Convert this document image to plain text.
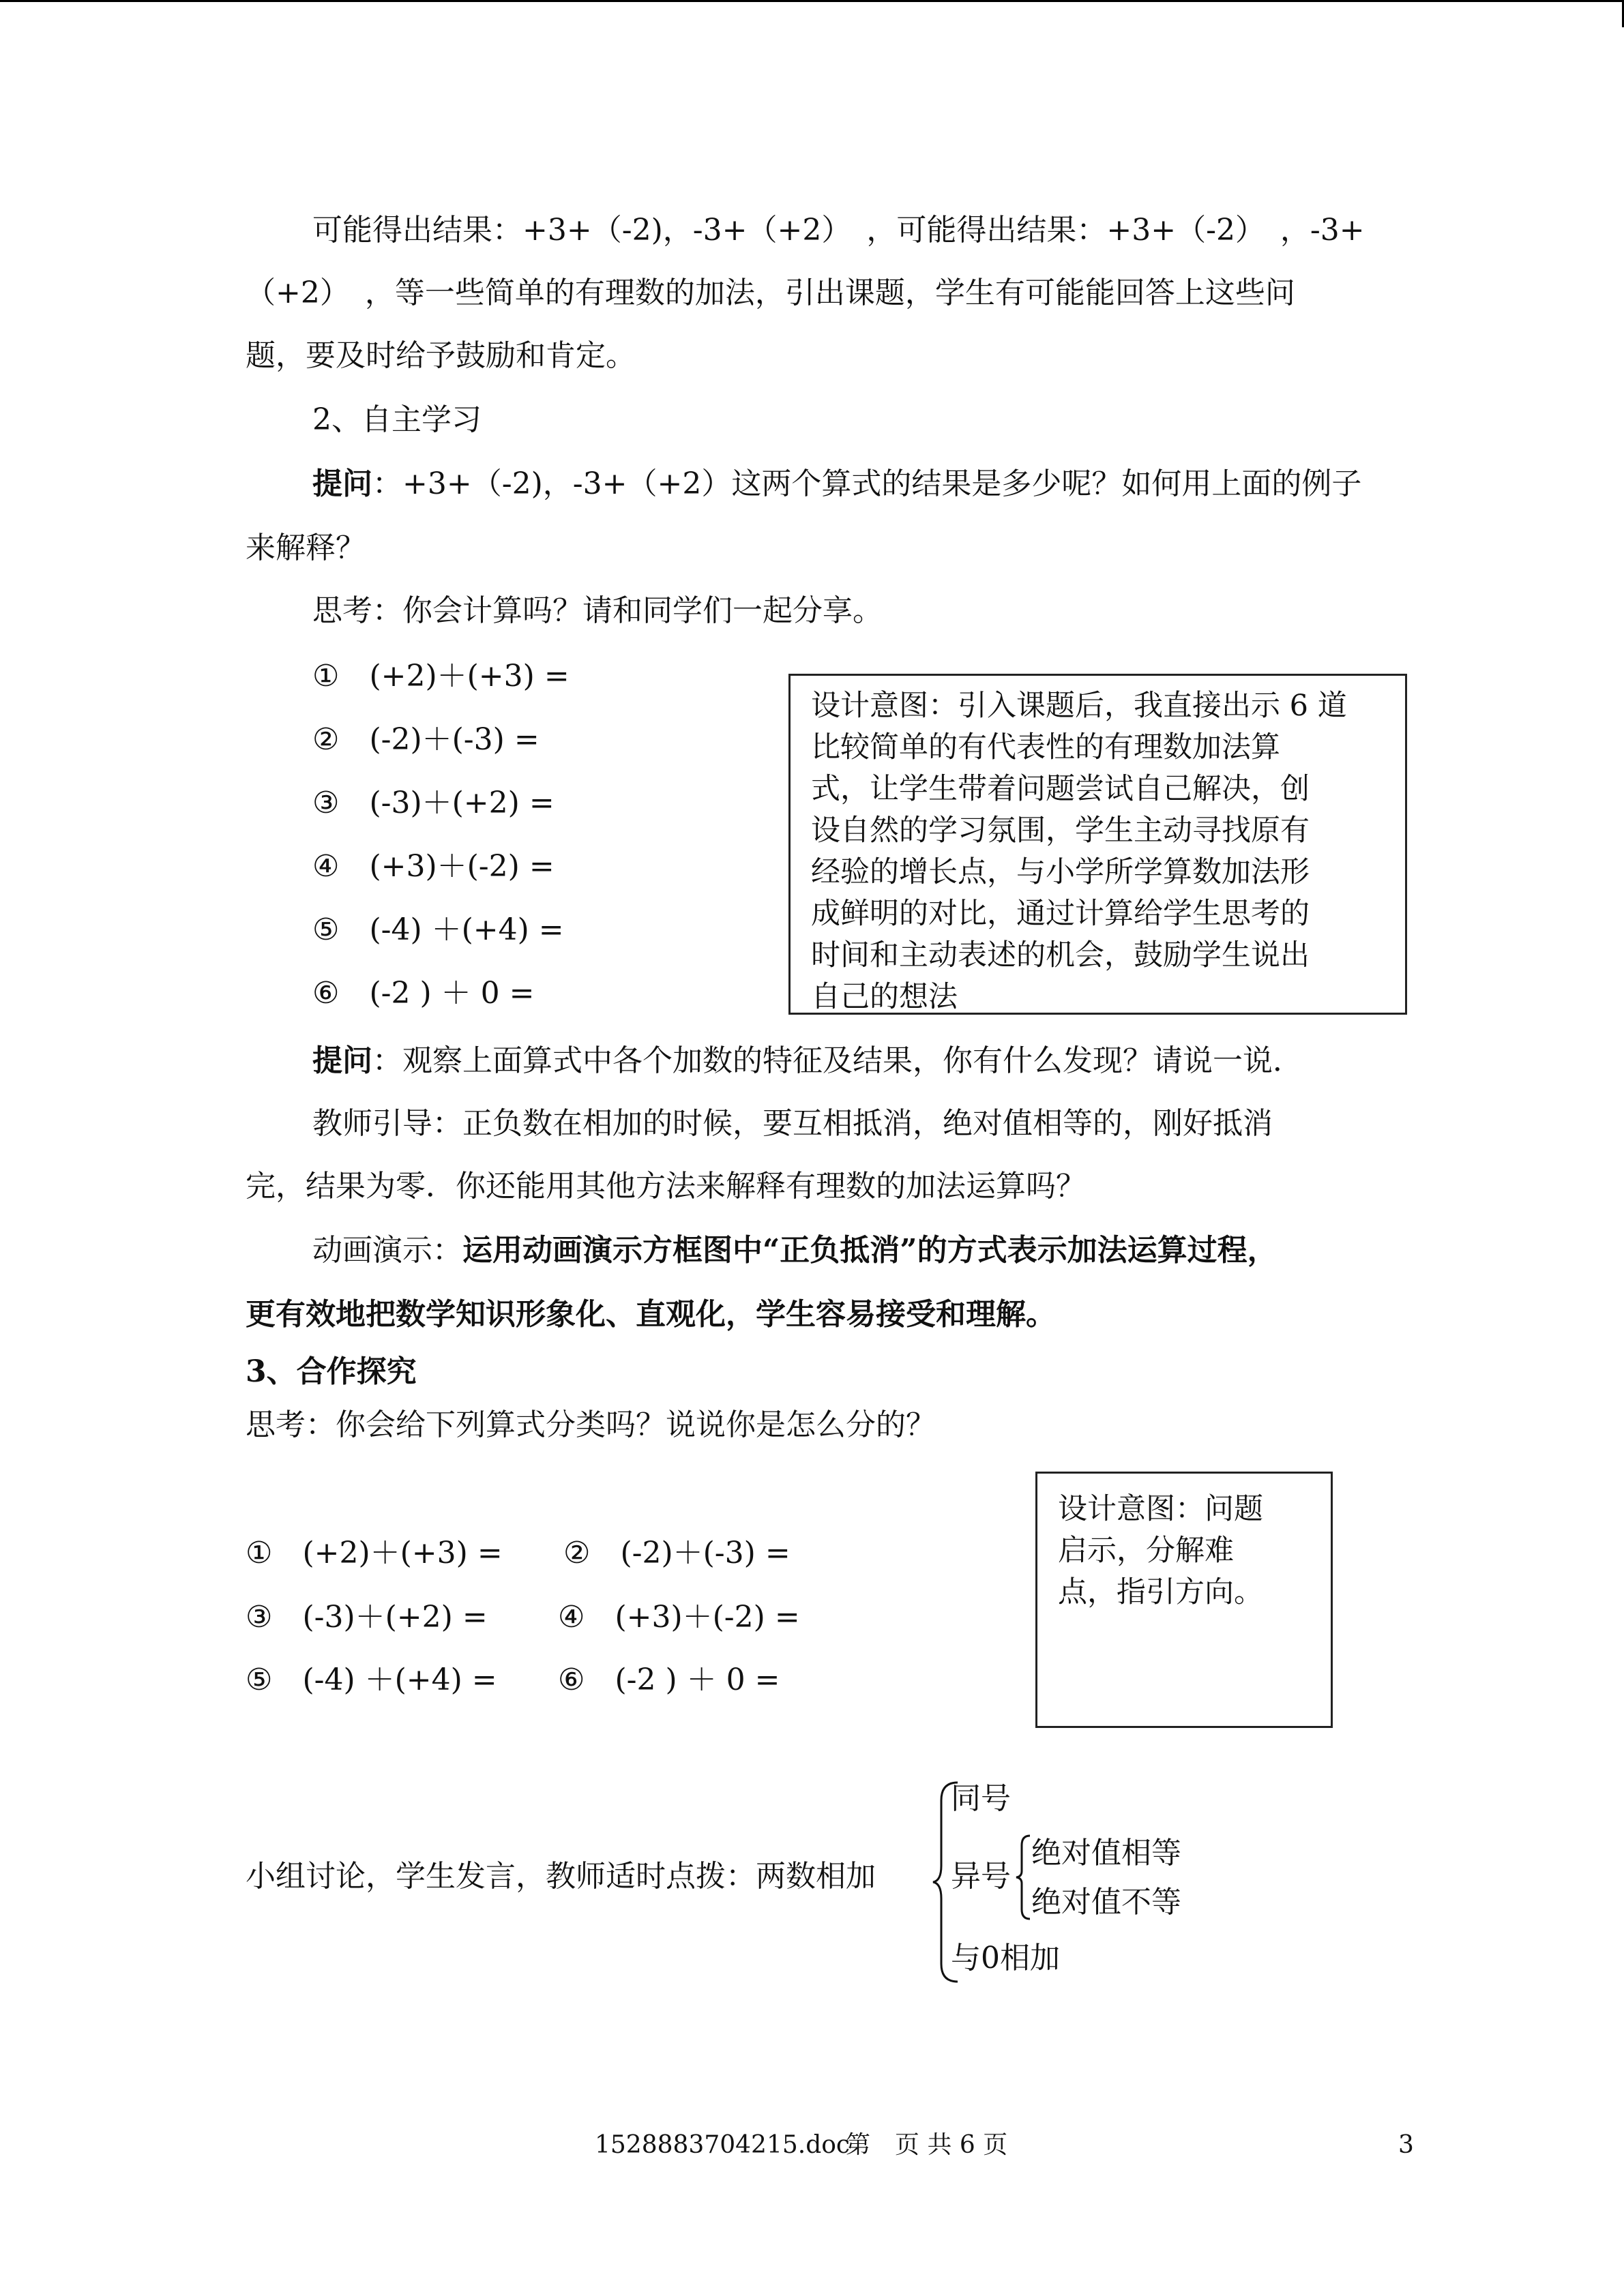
可能得出结果：+3+（-2)，-3+（+2）　，可能得出结果：+3+（-2）　，-3+
（+2）　，等一些简单的有理数的加法，引出课题，学生有可能能回答上这些问
题，要及时给予鼓励和肯定。
2、自主学习
提问：+3+（-2)，-3+（+2）这两个算式的结果是多少呢？如何用上面的例子
来解释？
思考：你会计算吗？请和同学们一起分享。
①　(+2)＋(+3) =
②　(-2)＋(-3) =
③　(-3)＋(+2) =
④　(+3)＋(-2) =
⑤　(-4) ＋(+4) =
⑥　(-2 ) ＋ 0 =
设计意图：引入课题后，我直接出示 6 道
比较简单的有代表性的有理数加法算
式，让学生带着问题尝试自己解决，创
设自然的学习氛围，学生主动寻找原有
经验的增长点，与小学所学算数加法形
成鲜明的对比，通过计算给学生思考的
时间和主动表述的机会，鼓励学生说出
自己的想法
提问：观察上面算式中各个加数的特征及结果，你有什么发现？请说一说．
教师引导：正负数在相加的时候，要互相抵消，绝对值相等的，刚好抵消
完，结果为零．你还能用其他方法来解释有理数的加法运算吗？
动画演示：运用动画演示方框图中“正负抵消”的方式表示加法运算过程，
更有效地把数学知识形象化、直观化，学生容易接受和理解。
3、合作探究
思考：你会给下列算式分类吗？说说你是怎么分的？
①　(+2)＋(+3) = ②　(-2)＋(-3) =
③　(-3)＋(+2) = ④　(+3)＋(-2) =
⑤　(-4) ＋(+4) = ⑥　(-2 ) ＋ 0 =
设计意图：问题
启示，分解难
点，指引方向。
小组讨论，学生发言，教师适时点拨：两数相加
同号
异号
与0相加
绝对值相等
绝对值不等
1528883704215.doc
第　页 共 6 页	3
